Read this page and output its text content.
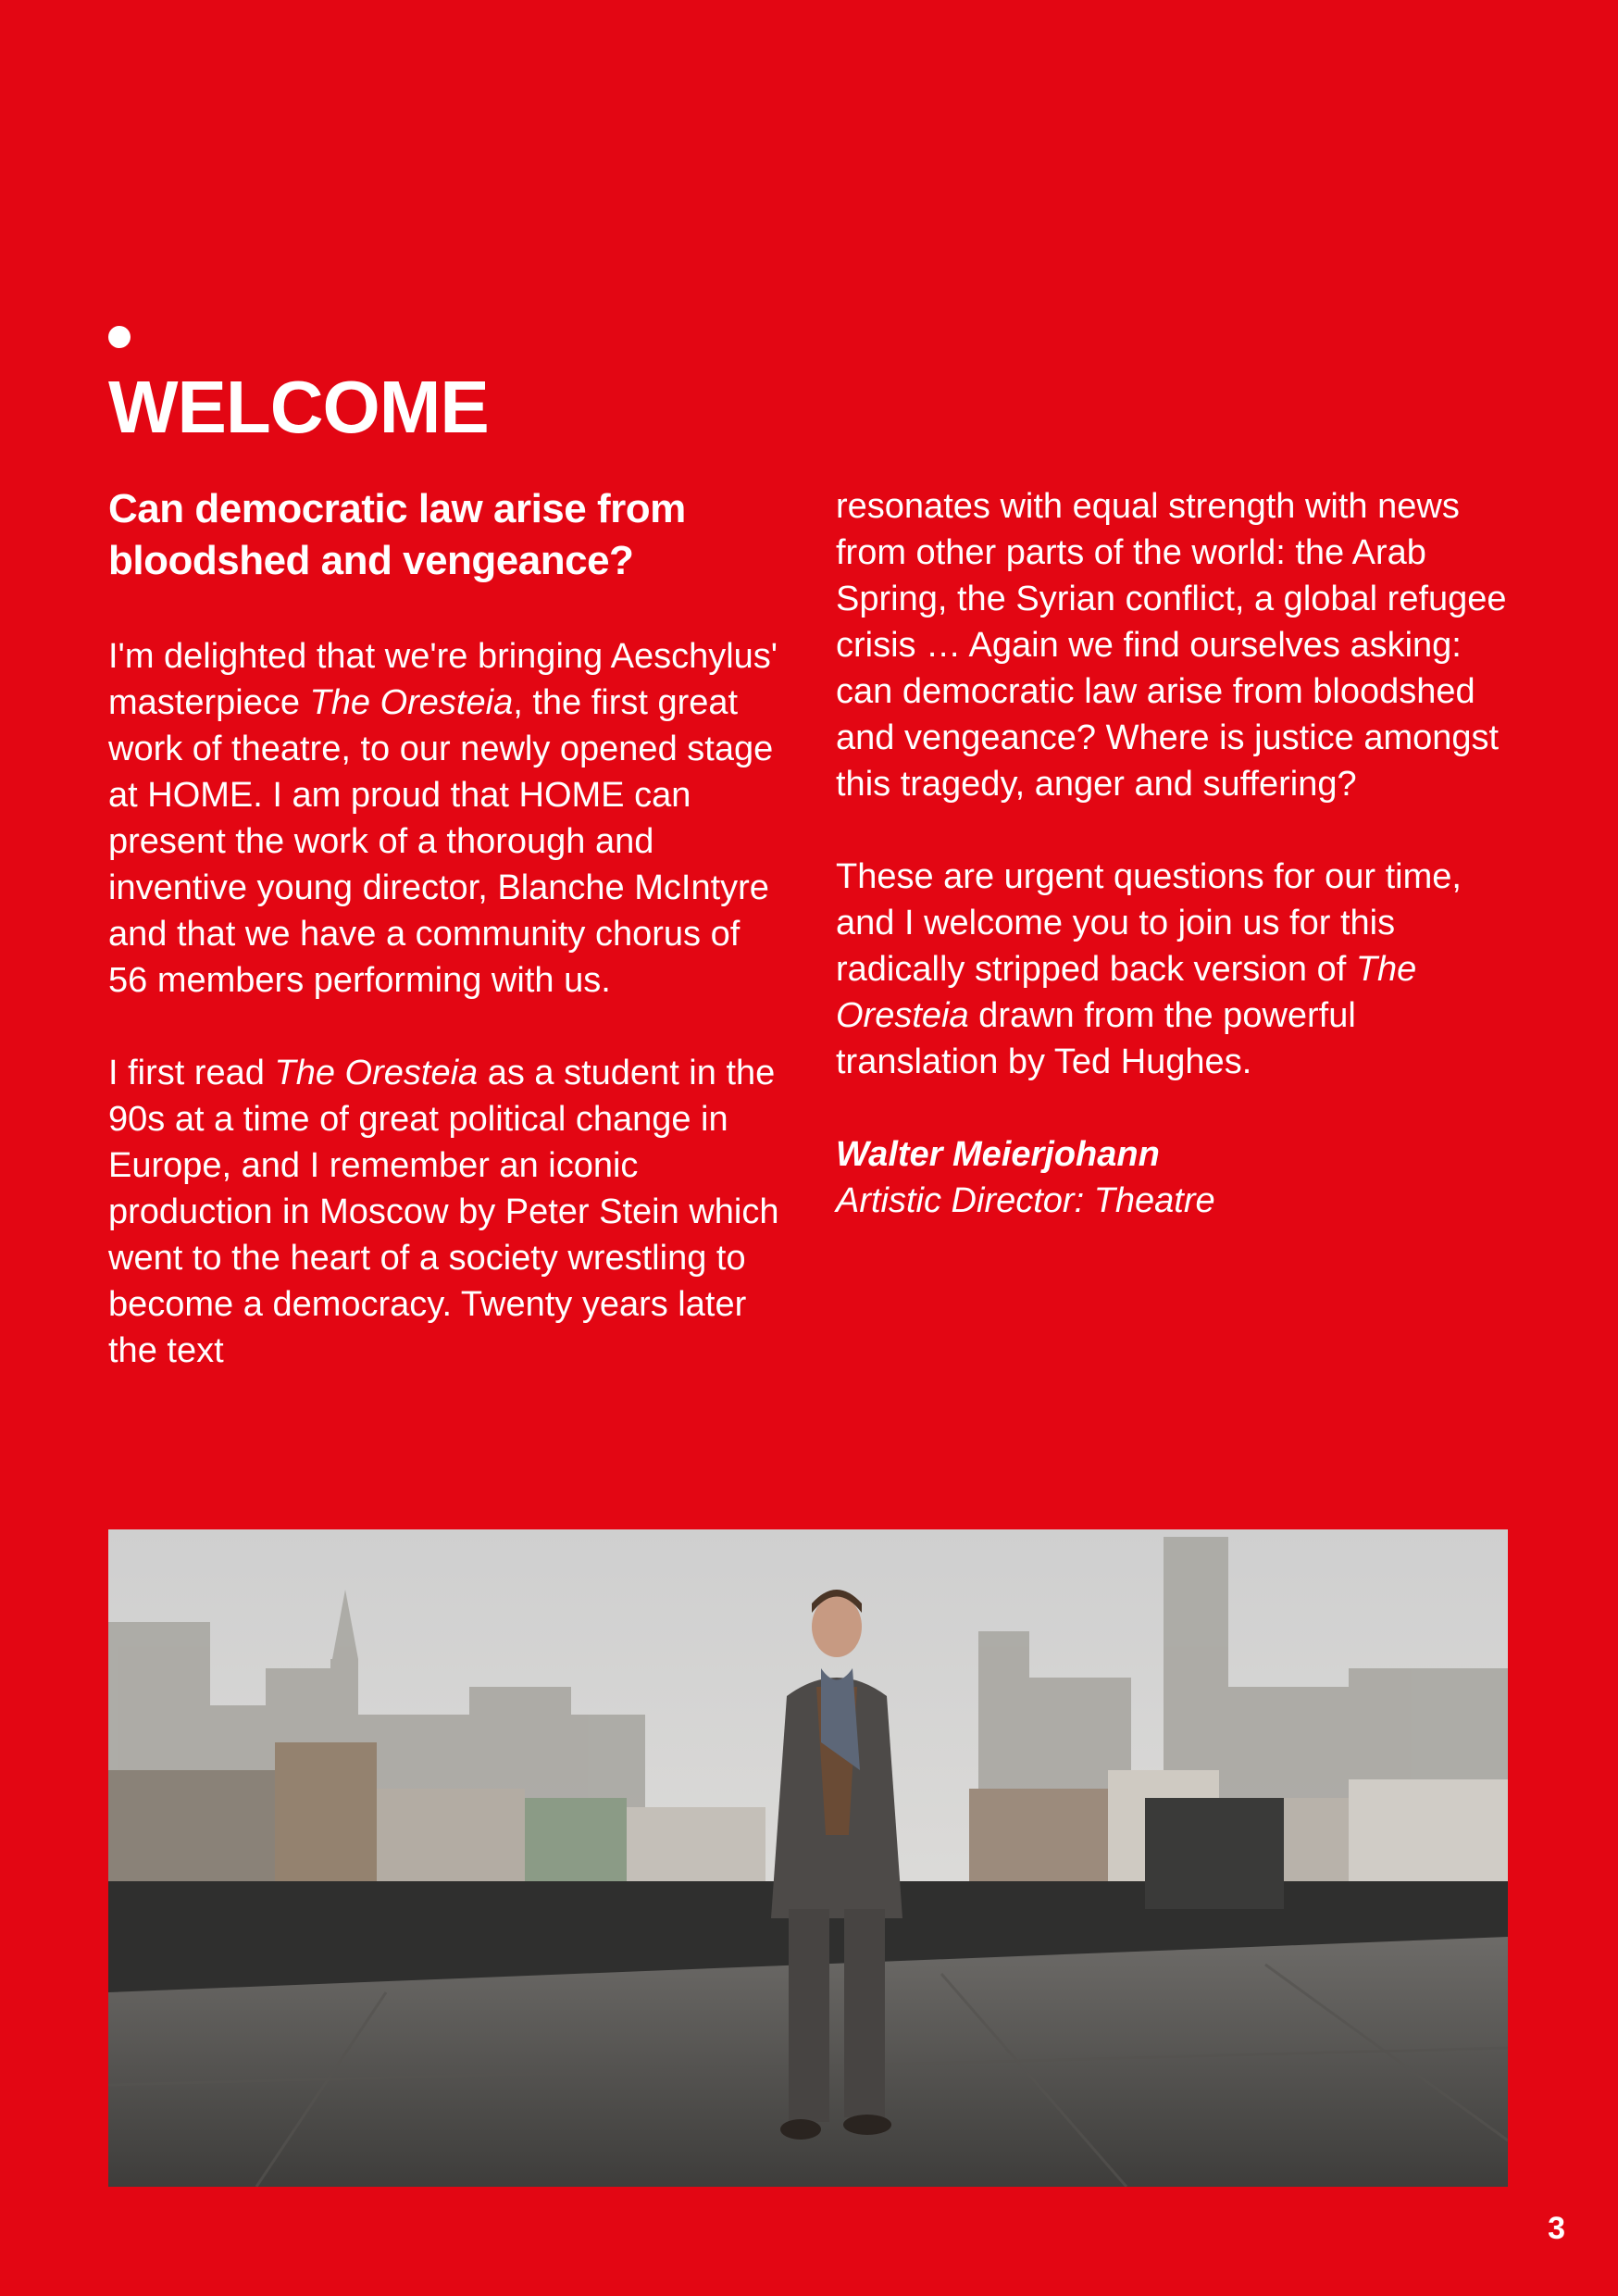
WELCOME
Can democratic law arise from bloodshed and vengeance?

I'm delighted that we're bringing Aeschylus' masterpiece The Oresteia, the first great work of theatre, to our newly opened stage at HOME. I am proud that HOME can present the work of a thorough and inventive young director, Blanche McIntyre and that we have a community chorus of 56 members performing with us.

I first read The Oresteia as a student in the 90s at a time of great political change in Europe, and I remember an iconic production in Moscow by Peter Stein which went to the heart of a society wrestling to become a democracy. Twenty years later the text

resonates with equal strength with news from other parts of the world: the Arab Spring, the Syrian conflict, a global refugee crisis … Again we find ourselves asking: can democratic law arise from bloodshed and vengeance? Where is justice amongst this tragedy, anger and suffering?

These are urgent questions for our time, and I welcome you to join us for this radically stripped back version of The Oresteia drawn from the powerful translation by Ted Hughes.

Walter Meierjohann
Artistic Director: Theatre

3
